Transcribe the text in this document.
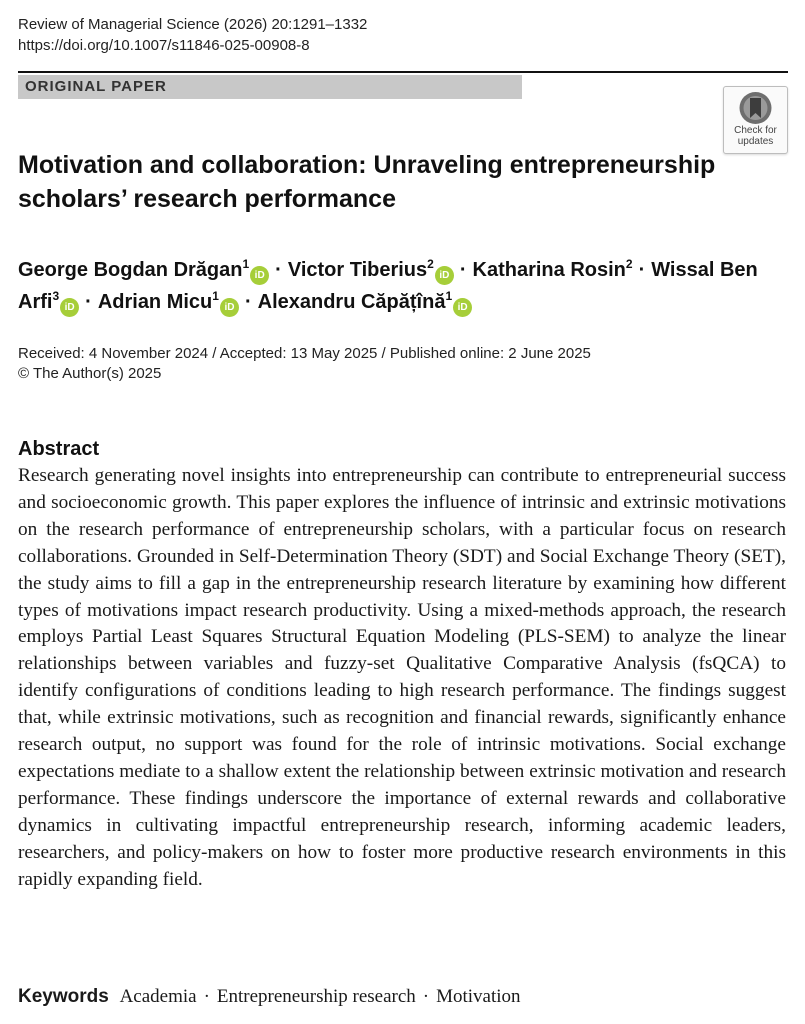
Review of Managerial Science (2026) 20:1291–1332
https://doi.org/10.1007/s11846-025-00908-8
ORIGINAL PAPER
Check for
updates
Motivation and collaboration: Unraveling entrepreneurship scholars’ research performance
George Bogdan Drăgan$^1$iD · Victor Tiberius$^2$iD · Katharina Rosin$^2$ · Wissal Ben Arfi$^3$iD · Adrian Micu$^1$iD · Alexandru Căpățînă$^1$iD
Received: 4 November 2024 / Accepted: 13 May 2025 / Published online: 2 June 2025
© The Author(s) 2025
Abstract

Research generating novel insights into entrepreneurship can contribute to entrepreneurial success and socioeconomic growth. This paper explores the influence of intrinsic and extrinsic motivations on the research performance of entrepreneurship scholars, with a particular focus on research collaborations. Grounded in Self-Determination Theory (SDT) and Social Exchange Theory (SET), the study aims to fill a gap in the entrepreneurship research literature by examining how different types of motivations impact research productivity. Using a mixed-methods approach, the research employs Partial Least Squares Structural Equation Modeling (PLS-SEM) to analyze the linear relationships between variables and fuzzy-set Qualitative Comparative Analysis (fsQCA) to identify configurations of conditions leading to high research performance. The findings suggest that, while extrinsic motivations, such as recognition and financial rewards, significantly enhance research output, no support was found for the role of intrinsic motivations. Social exchange expectations mediate to a shallow extent the relationship between extrinsic motivation and research performance. These findings underscore the importance of external rewards and collaborative dynamics in cultivating impactful entrepreneurship research, informing academic leaders, researchers, and policy-makers on how to foster more productive research environments in this rapidly expanding field.

Keywords Academia · Entrepreneurship research · Motivation
